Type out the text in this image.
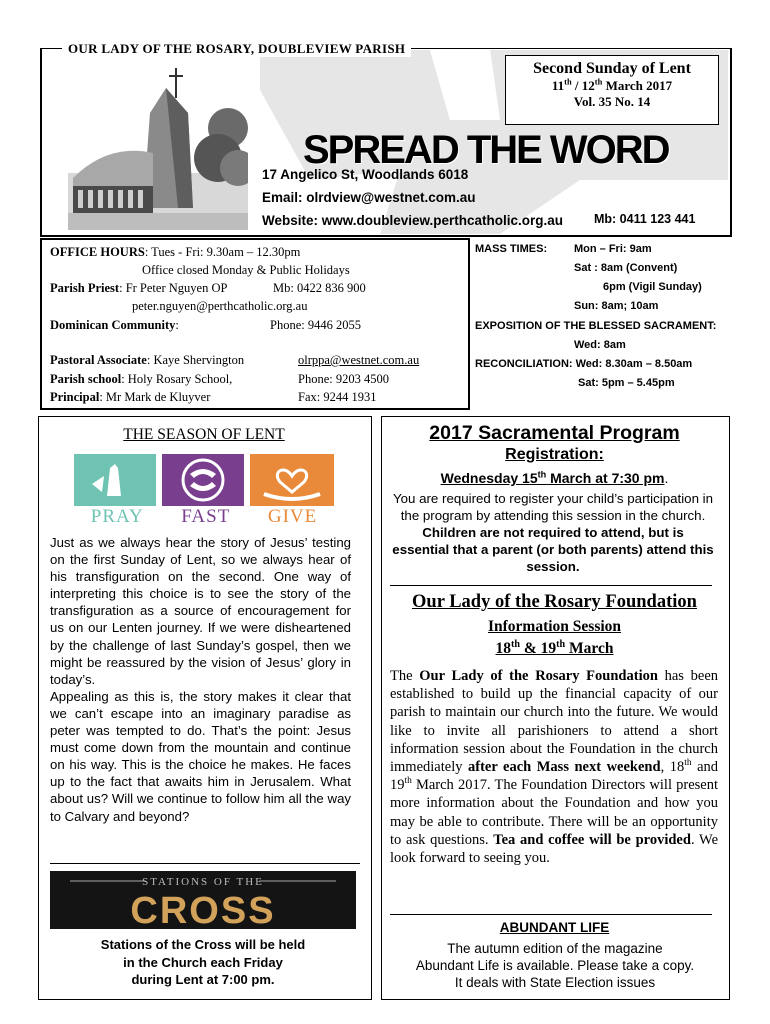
OUR LADY OF THE ROSARY, DOUBLEVIEW PARISH
Second Sunday of Lent
11th / 12th March 2017
Vol. 35 No. 14
SPREAD THE WORD
17 Angelico St, Woodlands 6018
Email: olrdview@westnet.com.au
Website: www.doubleview.perthcatholic.org.au Mb: 0411 123 441
OFFICE HOURS: Tues - Fri: 9.30am – 12.30pm
Office closed Monday & Public Holidays
Parish Priest: Fr Peter Nguyen OP	Mb: 0422 836 900
peter.nguyen@perthcatholic.org.au
Dominican Community:	Phone: 9446 2055
Pastoral Associate: Kaye Shervington	olrppa@westnet.com.au
Parish school: Holy Rosary School,	Phone: 9203 4500
Principal: Mr Mark de Kluyver	Fax: 9244 1931
MASS TIMES: Mon – Fri: 9am
Sat : 8am (Convent)
6pm (Vigil Sunday)
Sun: 8am; 10am
EXPOSITION OF THE BLESSED SACRAMENT:
Wed: 8am
RECONCILIATION: Wed: 8.30am – 8.50am
Sat: 5pm – 5.45pm
THE SEASON OF LENT
PRAY FAST GIVE
Just as we always hear the story of Jesus’ testing on the first Sunday of Lent, so we always hear of his transfiguration on the second. One way of interpreting this choice is to see the story of the transfiguration as a source of encouragement for us on our Lenten journey. If we were disheartened by the challenge of last Sunday’s gospel, then we might be reassured by the vision of Jesus’ glory in today’s.
Appealing as this is, the story makes it clear that we can’t escape into an imaginary paradise as peter was tempted to do. That’s the point: Jesus must come down from the mountain and continue on his way. This is the choice he makes. He faces up to the fact that awaits him in Jerusalem. What about us? Will we continue to follow him all the way to Calvary and beyond?
STATIONS OF THE
CROSS
Stations of the Cross will be held
in the Church each Friday
during Lent at 7:00 pm.
2017 Sacramental Program
Registration:
Wednesday 15th March at 7:30 pm.
You are required to register your child’s participation in the program by attending this session in the church. Children are not required to attend, but is essential that a parent (or both parents) attend this session.
Our Lady of the Rosary Foundation
Information Session
18th & 19th March
The Our Lady of the Rosary Foundation has been established to build up the financial capacity of our parish to maintain our church into the future. We would like to invite all parishioners to attend a short information session about the Foundation in the church immediately after each Mass next weekend, 18th and 19th March 2017. The Foundation Directors will present more information about the Foundation and how you may be able to contribute. There will be an opportunity to ask questions. Tea and coffee will be provided. We look forward to seeing you.
ABUNDANT LIFE
The autumn edition of the magazine
Abundant Life is available. Please take a copy.
It deals with State Election issues
